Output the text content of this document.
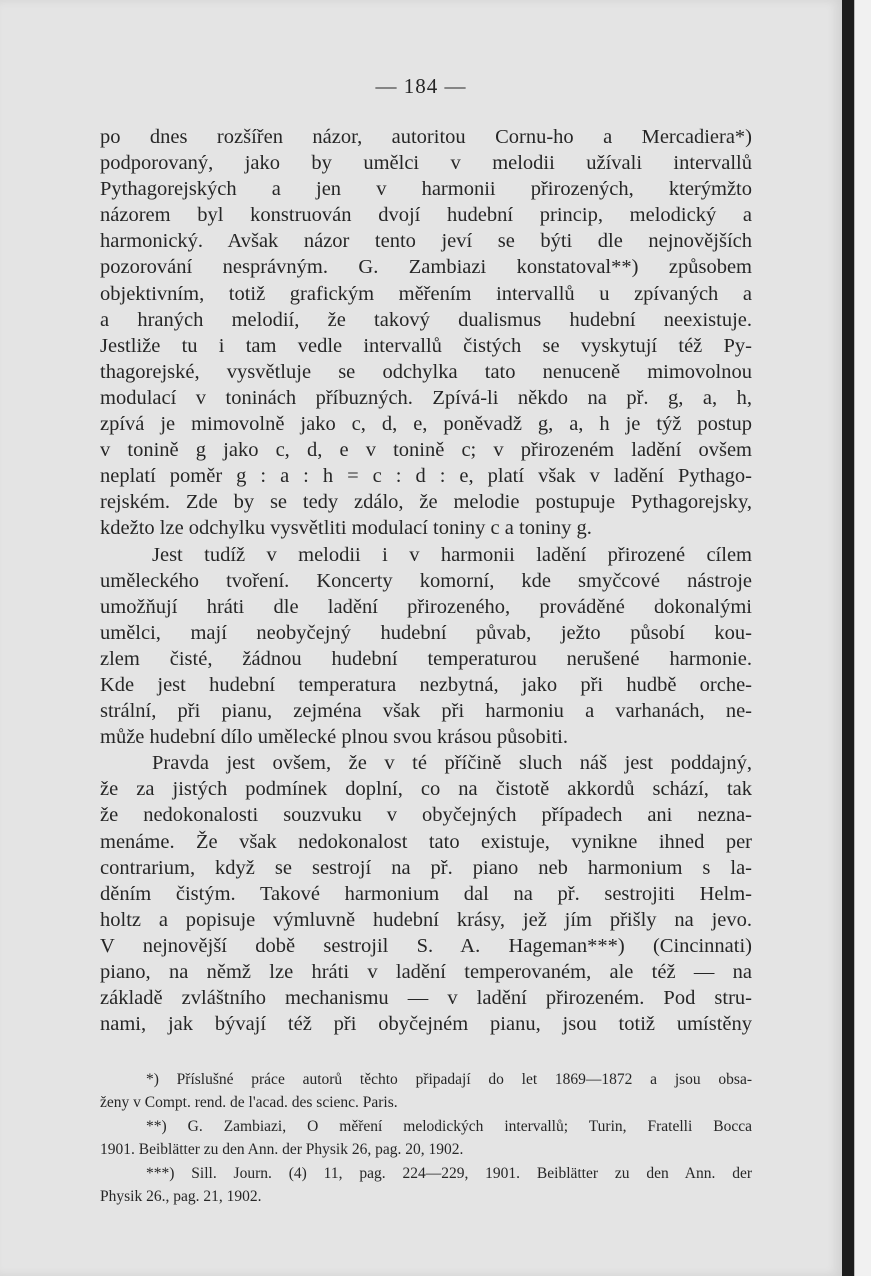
— 184 —
po dnes rozšířen názor, autoritou Cornu-ho a Mercadiera*)
podporovaný, jako by umělci v melodii užívali intervallů
Pythagorejských a jen v harmonii přirozených, kterýmžto
názorem byl konstruován dvojí hudební princip, melodický a
harmonický. Avšak názor tento jeví se býti dle nejnovějších
pozorování nesprávným. G. Zambiazi konstatoval**) způsobem
objektivním, totiž grafickým měřením intervallů u zpívaných a
a hraných melodií, že takový dualismus hudební neexistuje.
Jestliže tu i tam vedle intervallů čistých se vyskytují též Py-
thagorejské, vysvětluje se odchylka tato nenuceně mimovolnou
modulací v toninách příbuzných. Zpívá-li někdo na př. g, a, h,
zpívá je mimovolně jako c, d, e, poněvadž g, a, h je týž postup
v tonině g jako c, d, e v tonině c; v přirozeném ladění ovšem
neplatí poměr g : a : h = c : d : e, platí však v ladění Pythago-
rejském. Zde by se tedy zdálo, že melodie postupuje Pythagorejsky,
kdežto lze odchylku vysvětliti modulací toniny c a toniny g.
Jest tudíž v melodii i v harmonii ladění přirozené cílem
uměleckého tvoření. Koncerty komorní, kde smyčcové nástroje
umožňují hráti dle ladění přirozeného, prováděné dokonalými
umělci, mají neobyčejný hudební půvab, ježto působí kou-
zlem čisté, žádnou hudební temperaturou nerušené harmonie.
Kde jest hudební temperatura nezbytná, jako při hudbě orche-
strální, při pianu, zejména však při harmoniu a varhanách, ne-
může hudební dílo umělecké plnou svou krásou působiti.
Pravda jest ovšem, že v té příčině sluch náš jest poddajný,
že za jistých podmínek doplní, co na čistotě akkordů schází, tak
že nedokonalosti souzvuku v obyčejných případech ani nezna-
menáme. Že však nedokonalost tato existuje, vynikne ihned per
contrarium, když se sestrojí na př. piano neb harmonium s la-
děním čistým. Takové harmonium dal na př. sestrojiti Helm-
holtz a popisuje výmluvně hudební krásy, jež jím přišly na jevo.
V nejnovější době sestrojil S. A. Hageman***) (Cincinnati)
piano, na němž lze hráti v ladění temperovaném, ale též — na
základě zvláštního mechanismu — v ladění přirozeném. Pod stru-
nami, jak bývají též při obyčejném pianu, jsou totiž umístěny
*) Příslušné práce autorů těchto připadají do let 1869—1872 a jsou obsa-
ženy v Compt. rend. de l'acad. des scienc. Paris.
**) G. Zambiazi, O měření melodických intervallů; Turin, Fratelli Bocca
1901. Beiblätter zu den Ann. der Physik 26, pag. 20, 1902.
***) Sill. Journ. (4) 11, pag. 224—229, 1901. Beiblätter zu den Ann. der
Physik 26., pag. 21, 1902.
